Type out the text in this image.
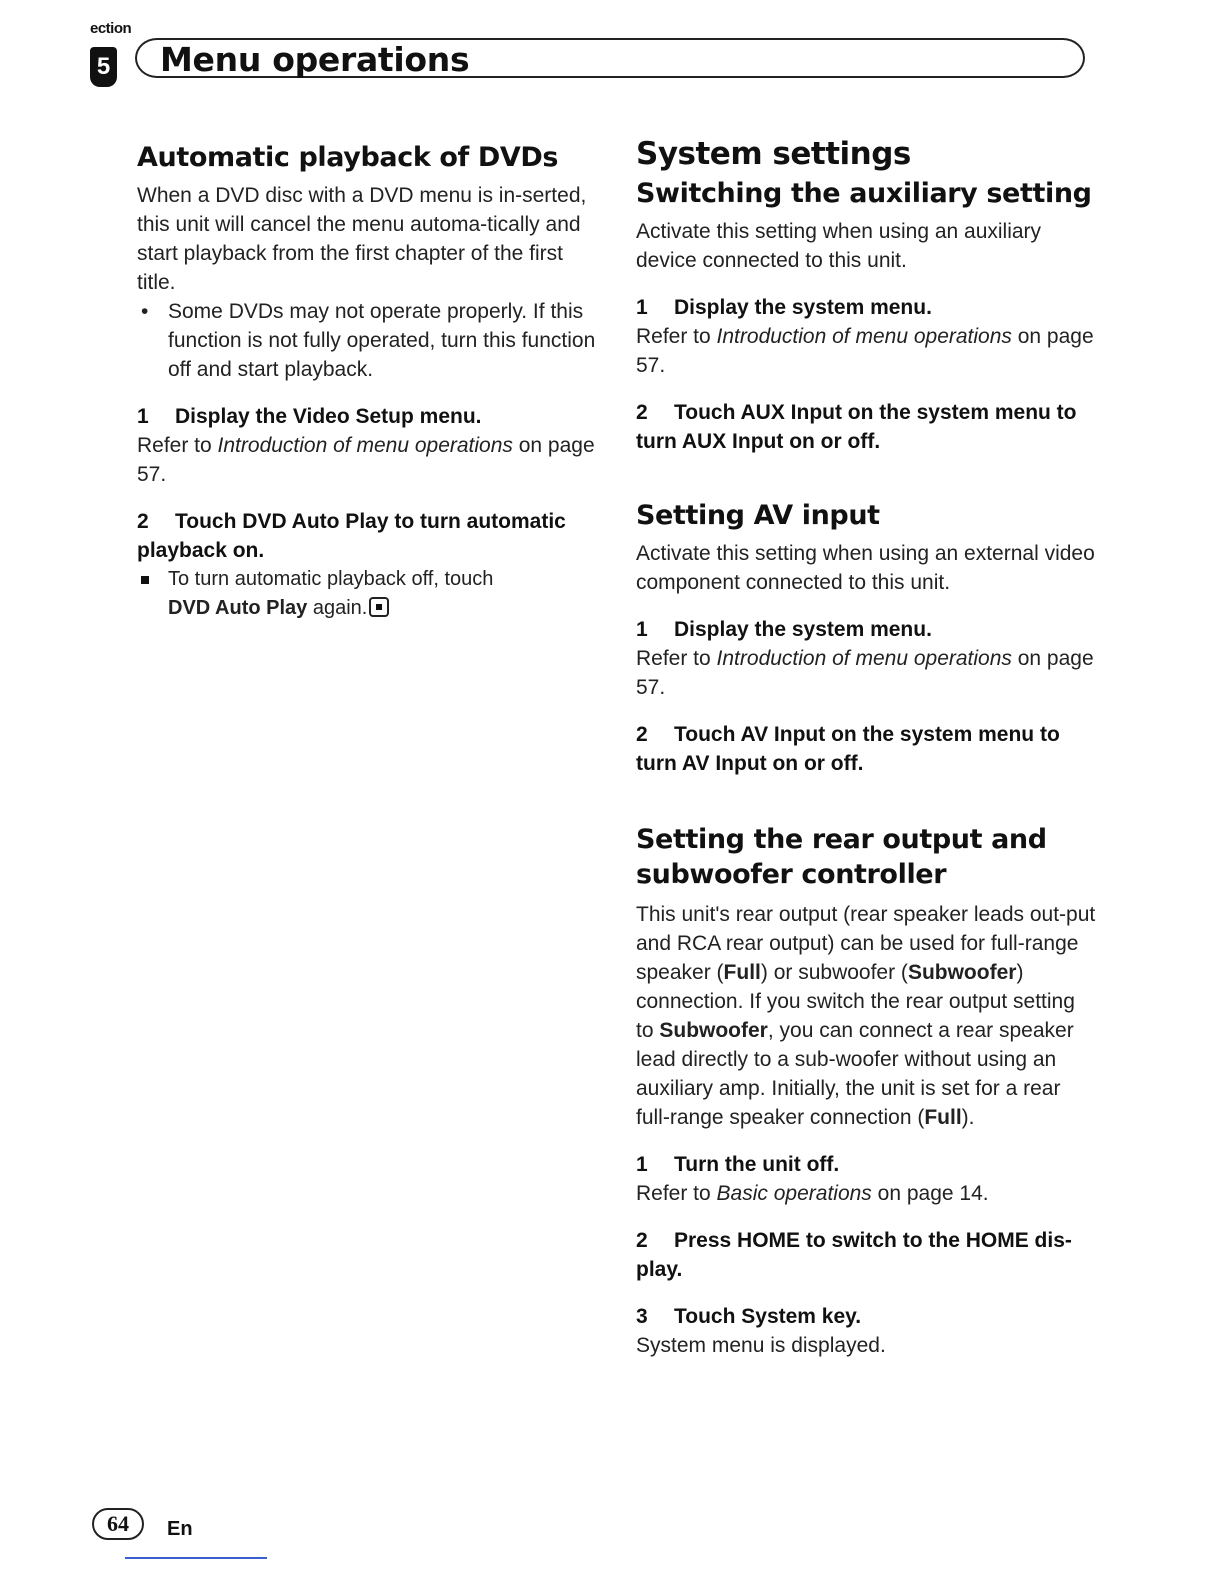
ection
5 Menu operations
Automatic playback of DVDs

When a DVD disc with a DVD menu is in-serted, this unit will cancel the menu automa-tically and start playback from the first chapter of the first title.

• Some DVDs may not operate properly. If this function is not fully operated, turn this function off and start playback.

1 Display the Video Setup menu.

Refer to Introduction of menu operations on page 57.

2 Touch DVD Auto Play to turn automatic playback on.

To turn automatic playback off, touch
DVD Auto Play again.
System settings
Switching the auxiliary setting

Activate this setting when using an auxiliary device connected to this unit.

1 Display the system menu.

Refer to Introduction of menu operations on page 57.

2 Touch AUX Input on the system menu to turn AUX Input on or off.

Setting AV input

Activate this setting when using an external video component connected to this unit.

1 Display the system menu.

Refer to Introduction of menu operations on page 57.

2 Touch AV Input on the system menu to turn AV Input on or off.

Setting the rear output and subwoofer controller

This unit's rear output (rear speaker leads out-put and RCA rear output) can be used for full-range speaker (Full) or subwoofer (Subwoofer) connection. If you switch the rear output setting to Subwoofer, you can connect a rear speaker lead directly to a sub-woofer without using an auxiliary amp. Initially, the unit is set for a rear full-range speaker connection (Full).

1 Turn the unit off.

Refer to Basic operations on page 14.

2 Press HOME to switch to the HOME dis-play.

3 Touch System key.

System menu is displayed.

64	En
